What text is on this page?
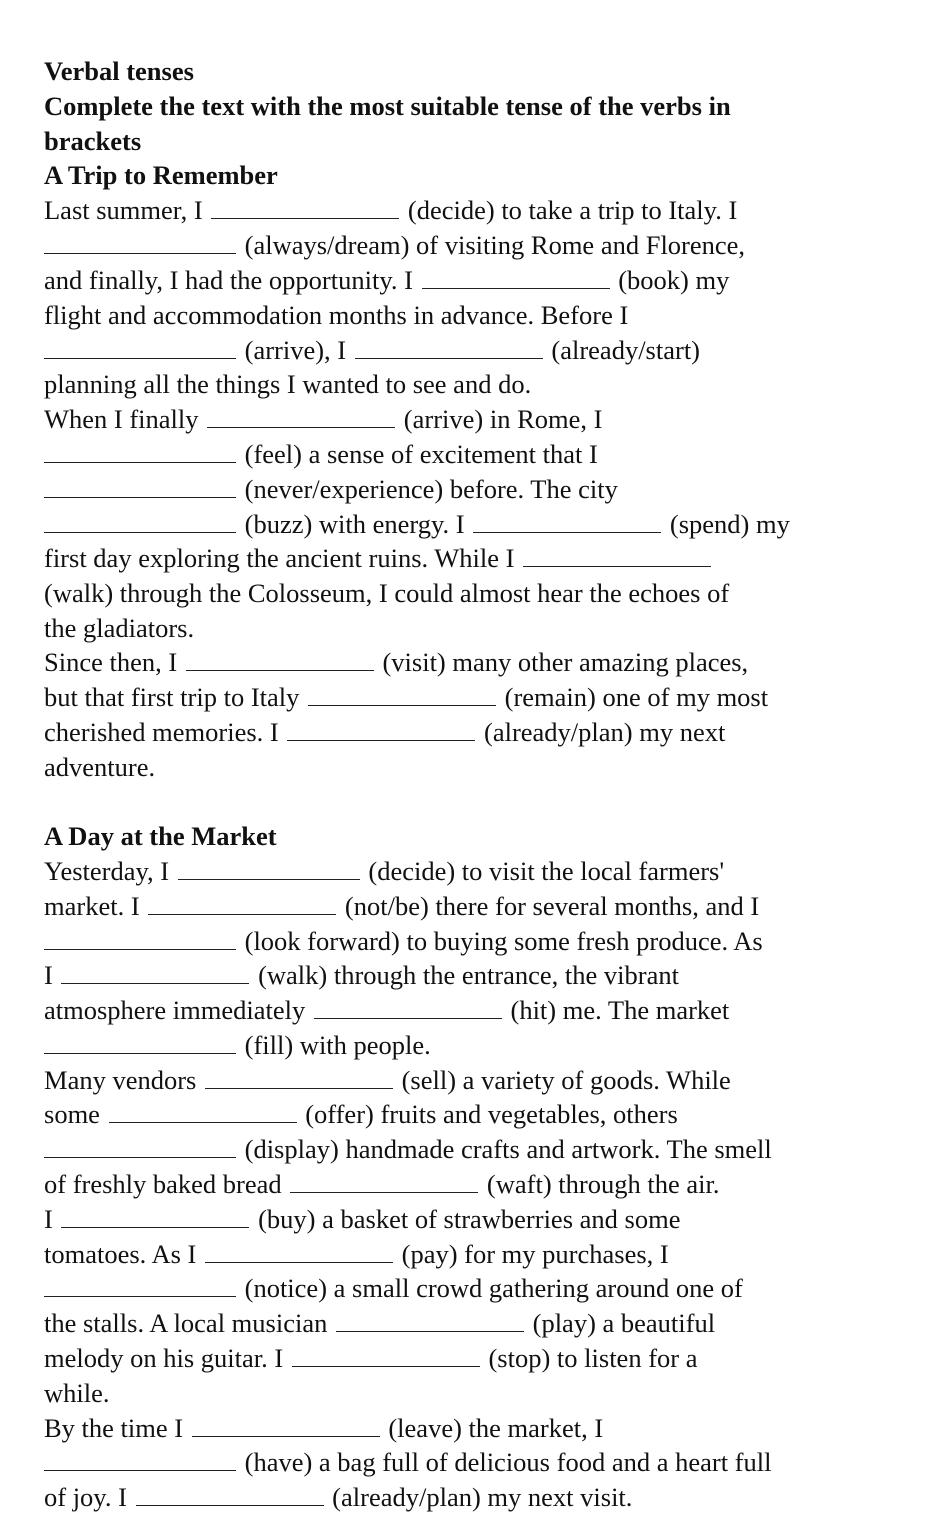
Verbal tenses
Complete the text with the most suitable tense of the verbs in
brackets
A Trip to Remember
Last summer, I	(decide) to take a trip to Italy. I
(always/dream) of visiting Rome and Florence,
and finally, I had the opportunity. I	(book) my
flight and accommodation months in advance. Before I
(arrive), I	(already/start)
planning all the things I wanted to see and do.
When I finally	(arrive) in Rome, I
(feel) a sense of excitement that I
(never/experience) before. The city
(buzz) with energy. I	(spend) my
first day exploring the ancient ruins. While I
(walk) through the Colosseum, I could almost hear the echoes of
the gladiators.
Since then, I	(visit) many other amazing places,
but that first trip to Italy	(remain) one of my most
cherished memories. I	(already/plan) my next
adventure.
A Day at the Market
Yesterday, I	(decide) to visit the local farmers'
market. I	(not/be) there for several months, and I
(look forward) to buying some fresh produce. As
I	(walk) through the entrance, the vibrant
atmosphere immediately	(hit) me. The market
(fill) with people.
Many vendors	(sell) a variety of goods. While
some	(offer) fruits and vegetables, others
(display) handmade crafts and artwork. The smell
of freshly baked bread	(waft) through the air.
I	(buy) a basket of strawberries and some
tomatoes. As I	(pay) for my purchases, I
(notice) a small crowd gathering around one of
the stalls. A local musician	(play) a beautiful
melody on his guitar. I	(stop) to listen for a
while.
By the time I	(leave) the market, I
(have) a bag full of delicious food and a heart full
of joy. I	(already/plan) my next visit.
